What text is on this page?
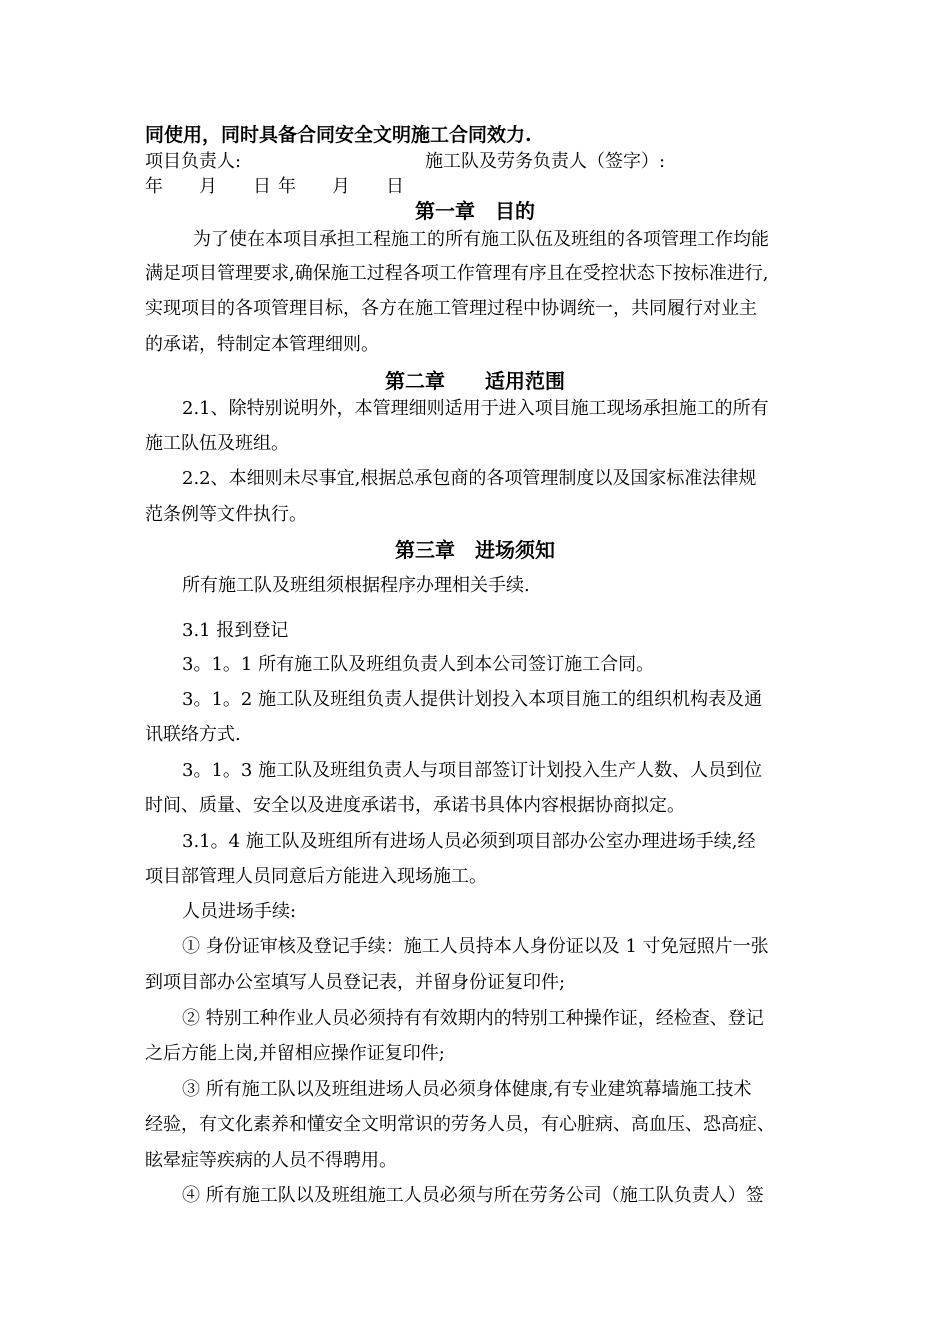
同使用，同时具备合同安全文明施工合同效力.
项目负责人:	施工队及劳务负责人（签字）:
年　　月　　日 年　　月　　日
第一章　目的
为了使在本项目承担工程施工的所有施工队伍及班组的各项管理工作均能
满足项目管理要求,确保施工过程各项工作管理有序且在受控状态下按标准进行,
实现项目的各项管理目标，各方在施工管理过程中协调统一，共同履行对业主
的承诺，特制定本管理细则。
第二章　　适用范围
2.1、除特别说明外，本管理细则适用于进入项目施工现场承担施工的所有
施工队伍及班组。
2.2、本细则未尽事宜,根据总承包商的各项管理制度以及国家标准法律规
范条例等文件执行。
第三章　进场须知
所有施工队及班组须根据程序办理相关手续.
3.1 报到登记
3。1。1 所有施工队及班组负责人到本公司签订施工合同。
3。1。2 施工队及班组负责人提供计划投入本项目施工的组织机构表及通
讯联络方式.
3。1。3 施工队及班组负责人与项目部签订计划投入生产人数、人员到位
时间、质量、安全以及进度承诺书，承诺书具体内容根据协商拟定。
3.1。4 施工队及班组所有进场人员必须到项目部办公室办理进场手续,经
项目部管理人员同意后方能进入现场施工。
人员进场手续:
① 身份证审核及登记手续：施工人员持本人身份证以及 1 寸免冠照片一张
到项目部办公室填写人员登记表，并留身份证复印件;
② 特别工种作业人员必须持有有效期内的特别工种操作证，经检查、登记
之后方能上岗,并留相应操作证复印件;
③ 所有施工队以及班组进场人员必须身体健康,有专业建筑幕墙施工技术
经验，有文化素养和懂安全文明常识的劳务人员，有心脏病、高血压、恐高症、
眩晕症等疾病的人员不得聘用。
④ 所有施工队以及班组施工人员必须与所在劳务公司（施工队负责人）签
